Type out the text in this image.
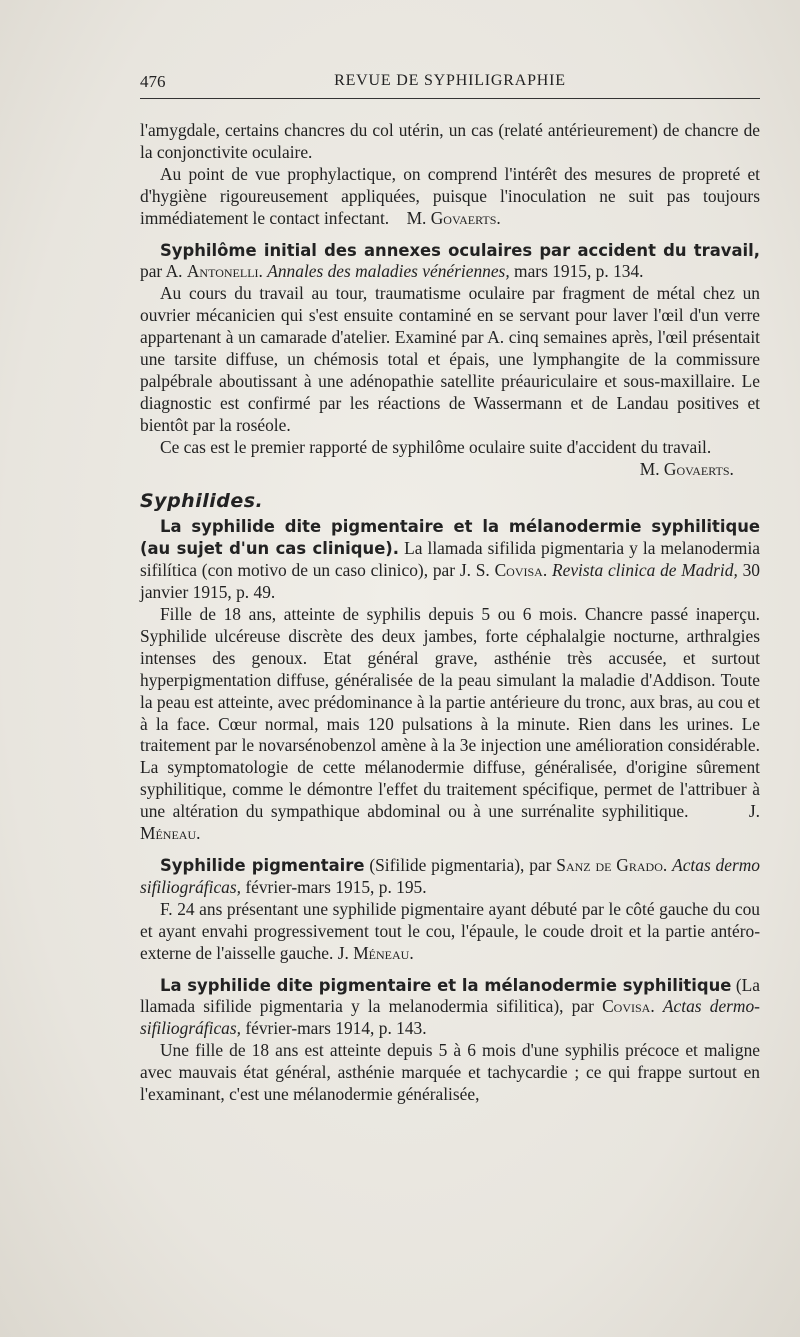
476	REVUE DE SYPHILIGRAPHIE

l'amygdale, certains chancres du col utérin, un cas (relaté antérieurement) de chancre de la conjonctivite oculaire.

Au point de vue prophylactique, on comprend l'intérêt des mesures de propreté et d'hygiène rigoureusement appliquées, puisque l'inoculation ne suit pas toujours immédiatement le contact infectant. M. Govaerts.

Syphilôme initial des annexes oculaires par accident du travail, par A. Antonelli. Annales des maladies vénériennes, mars 1915, p. 134.

Au cours du travail au tour, traumatisme oculaire par fragment de métal chez un ouvrier mécanicien qui s'est ensuite contaminé en se servant pour laver l'œil d'un verre appartenant à un camarade d'atelier. Examiné par A. cinq semaines après, l'œil présentait une tarsite diffuse, un chémosis total et épais, une lymphangite de la commissure palpébrale aboutissant à une adénopathie satellite préauriculaire et sous-maxillaire. Le diagnostic est confirmé par les réactions de Wassermann et de Landau positives et bientôt par la roséole.

Ce cas est le premier rapporté de syphilôme oculaire suite d'accident du travail.

M. Govaerts.

Syphilides.

La syphilide dite pigmentaire et la mélanodermie syphilitique (au sujet d'un cas clinique). La llamada sifilida pigmentaria y la melanodermia sifilítica (con motivo de un caso clinico), par J. S. Covisa. Revista clinica de Madrid, 30 janvier 1915, p. 49.

Fille de 18 ans, atteinte de syphilis depuis 5 ou 6 mois. Chancre passé inaperçu. Syphilide ulcéreuse discrète des deux jambes, forte céphalalgie nocturne, arthralgies intenses des genoux. Etat général grave, asthénie très accusée, et surtout hyperpigmentation diffuse, généralisée de la peau simulant la maladie d'Addison. Toute la peau est atteinte, avec prédominance à la partie antérieure du tronc, aux bras, au cou et à la face. Cœur normal, mais 120 pulsations à la minute. Rien dans les urines. Le traitement par le novarsénobenzol amène à la 3e injection une amélioration considérable. La symptomatologie de cette mélanodermie diffuse, généralisée, d'origine sûrement syphilitique, comme le démontre l'effet du traitement spécifique, permet de l'attribuer à une altération du sympathique abdominal ou à une surrénalite syphilitique.	J. Méneau.

Syphilide pigmentaire (Sifilide pigmentaria), par Sanz de Grado. Actas dermo sifiliográficas, février-mars 1915, p. 195.

F. 24 ans présentant une syphilide pigmentaire ayant débuté par le côté gauche du cou et ayant envahi progressivement tout le cou, l'épaule, le coude droit et la partie antéro-externe de l'aisselle gauche. J. Méneau.

La syphilide dite pigmentaire et la mélanodermie syphilitique (La llamada sifilide pigmentaria y la melanodermia sifilitica), par Covisa. Actas dermo-sifiliográficas, février-mars 1914, p. 143.

Une fille de 18 ans est atteinte depuis 5 à 6 mois d'une syphilis précoce et maligne avec mauvais état général, asthénie marquée et tachycardie ; ce qui frappe surtout en l'examinant, c'est une mélanodermie généralisée,
